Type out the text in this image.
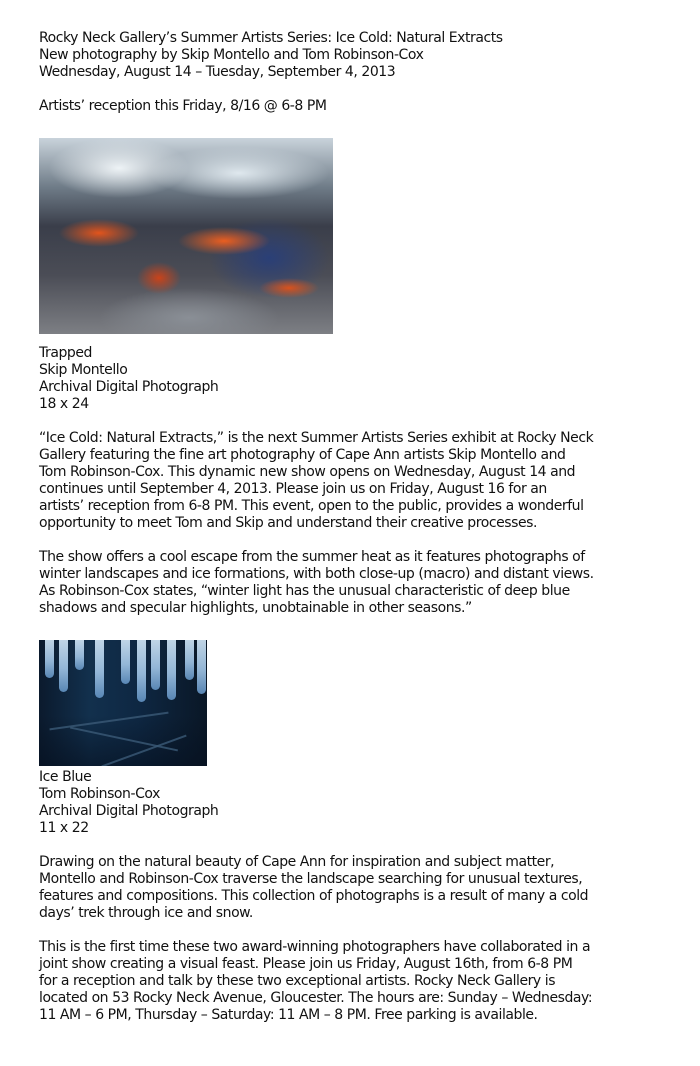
Rocky Neck Gallery’s Summer Artists Series: Ice Cold: Natural Extracts
New photography by Skip Montello and Tom Robinson-Cox
Wednesday, August 14 – Tuesday, September 4, 2013
Artists’ reception this Friday, 8/16 @ 6-8 PM
Trapped
Skip Montello
Archival Digital Photograph
18 x 24
“Ice Cold: Natural Extracts,” is the next Summer Artists Series exhibit at Rocky Neck
Gallery featuring the fine art photography of Cape Ann artists Skip Montello and
Tom Robinson-Cox. This dynamic new show opens on Wednesday, August 14 and
continues until September 4, 2013. Please join us on Friday, August 16 for an
artists’ reception from 6-8 PM. This event, open to the public, provides a wonderful
opportunity to meet Tom and Skip and understand their creative processes.
The show offers a cool escape from the summer heat as it features photographs of
winter landscapes and ice formations, with both close-up (macro) and distant views.
As Robinson-Cox states, “winter light has the unusual characteristic of deep blue
shadows and specular highlights, unobtainable in other seasons.”
Ice Blue
Tom Robinson-Cox
Archival Digital Photograph
11 x 22
Drawing on the natural beauty of Cape Ann for inspiration and subject matter,
Montello and Robinson-Cox traverse the landscape searching for unusual textures,
features and compositions. This collection of photographs is a result of many a cold
days’ trek through ice and snow.
This is the first time these two award-winning photographers have collaborated in a
joint show creating a visual feast. Please join us Friday, August 16th, from 6-8 PM
for a reception and talk by these two exceptional artists. Rocky Neck Gallery is
located on 53 Rocky Neck Avenue, Gloucester. The hours are: Sunday – Wednesday:
11 AM – 6 PM, Thursday – Saturday: 11 AM – 8 PM. Free parking is available.
